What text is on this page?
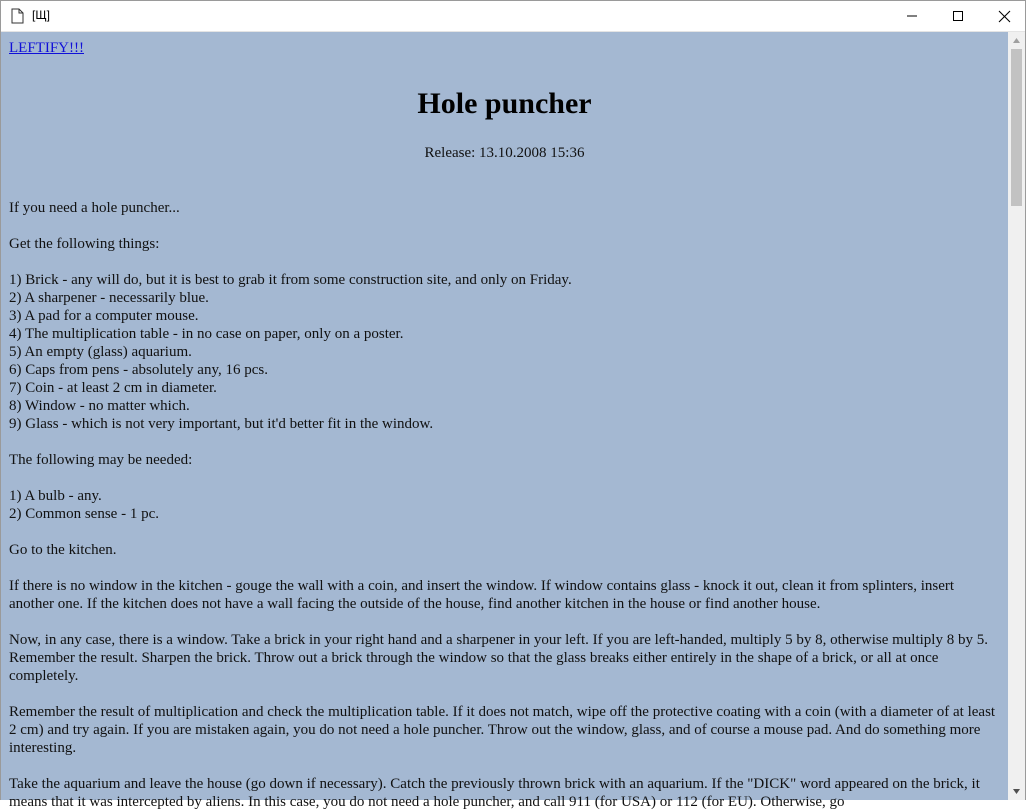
[Щ]
LEFTIFY!!!
Hole puncher

Release: 13.10.2008 15:36

If you need a hole puncher...

Get the following things:

1) Brick - any will do, but it is best to grab it from some construction site, and only on Friday.

2) A sharpener - necessarily blue.

3) A pad for a computer mouse.

4) The multiplication table - in no case on paper, only on a poster.

5) An empty (glass) aquarium.

6) Caps from pens - absolutely any, 16 pcs.

7) Coin - at least 2 cm in diameter.

8) Window - no matter which.

9) Glass - which is not very important, but it'd better fit in the window.

The following may be needed:

1) A bulb - any.

2) Common sense - 1 pc.

Go to the kitchen.

If there is no window in the kitchen - gouge the wall with a coin, and insert the window. If window contains glass - knock it out, clean it from splinters, insert another one. If the kitchen does not have a wall facing the outside of the house, find another kitchen in the house or find another house.

Now, in any case, there is a window. Take a brick in your right hand and a sharpener in your left. If you are left-handed, multiply 5 by 8, otherwise multiply 8 by 5. Remember the result. Sharpen the brick. Throw out a brick through the window so that the glass breaks either entirely in the shape of a brick, or all at once completely.

Remember the result of multiplication and check the multiplication table. If it does not match, wipe off the protective coating with a coin (with a diameter of at least 2 cm) and try again. If you are mistaken again, you do not need a hole puncher. Throw out the window, glass, and of course a mouse pad. And do something more interesting.

Take the aquarium and leave the house (go down if necessary). Catch the previously thrown brick with an aquarium. If the "DICK" word appeared on the brick, it means that it was intercepted by aliens. In this case, you do not need a hole puncher, and call 911 (for USA) or 112 (for EU). Otherwise, go
